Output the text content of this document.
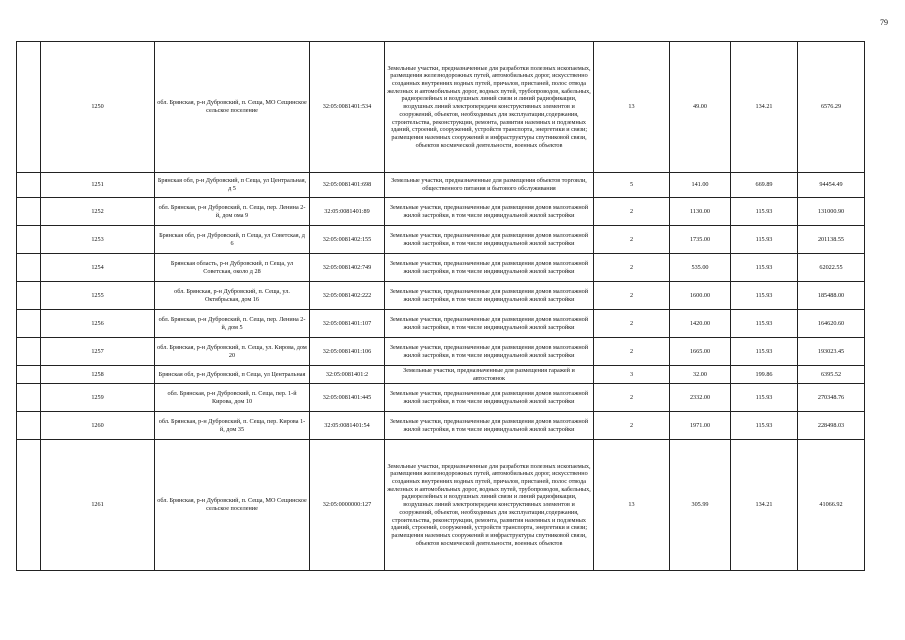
79
	1250	обл. Брянская, р-н Дубровский, п. Сеща, МО Сещинское сельское поселение	32:05:0081401:534	Земельные участки, предназначенные для разработки полезных ископаемых, размещения железнодорожных путей, автомобильных дорог, искусственно созданных внутренних водных путей, причалов, пристаней, полос отвода железных и автомобильных дорог, водных путей, трубопроводов, кабельных, радиорелейных и воздушных линий связи и линий радиофикации, воздушных линий электропередачи конструктивных элементов и сооружений, объектов, необходимых для эксплуатации,содержания, строительства, реконструкции, ремонта, развития наземных и подземных зданий, строений, сооружений, устройств транспорта, энергетики и связи; размещения наземных сооружений и инфраструктуры спутниковой связи, объектов космической деятельности, военных объектов	13	49.00	134.21	6576.29
	1251	Брянская обл, р-н Дубровский, п Сеща, ул Центральная, д 5	32:05:0081401:698	Земельные участки, предназначенные для размещения объектов торговли, общественного питания и бытового обслуживания	5	141.00	669.89	94454.49
	1252	обл. Брянская, р-н Дубровский, п. Сеща, пер. Ленина 2-й, дом ома 9	32:05:0081401:89	Земельные участки, предназначенные для размещения домов малоэтажной жилой застройки, в том числе индивидуальной жилой застройки	2	1130.00	115.93	131000.90
	1253	Брянская обл, р-н Дубровский, п Сеща, ул Советская, д 6	32:05:0081402:155	Земельные участки, предназначенные для размещения домов малоэтажной жилой застройки, в том числе индивидуальной жилой застройки	2	1735.00	115.93	201138.55
	1254	Брянская область, р-н Дубровский, п Сеща, ул Советская, около д 28	32:05:0081402:749	Земельные участки, предназначенные для размещения домов малоэтажной жилой застройки, в том числе индивидуальной жилой застройки	2	535.00	115.93	62022.55
	1255	обл. Брянская, р-н Дубровский, п. Сеща, ул. Октябрьская, дом 16	32:05:0081402:222	Земельные участки, предназначенные для размещения домов малоэтажной жилой застройки, в том числе индивидуальной жилой застройки	2	1600.00	115.93	185488.00
	1256	обл. Брянская, р-н Дубровский, п. Сеща, пер. Ленина 2-й, дом 5	32:05:0081401:107	Земельные участки, предназначенные для размещения домов малоэтажной жилой застройки, в том числе индивидуальной жилой застройки	2	1420.00	115.93	164620.60
	1257	обл. Брянская, р-н Дубровский, п. Сеща, ул. Кирова, дом 20	32:05:0081401:106	Земельные участки, предназначенные для размещения домов малоэтажной жилой застройки, в том числе индивидуальной жилой застройки	2	1665.00	115.93	193023.45
	1258	Брянская обл, р-н Дубровский, п Сеща, ул Центральная	32:05:0081401:2	Земельные участки, предназначенные для размещения гаражей и автостоянок	3	32.00	199.86	6395.52
	1259	обл. Брянская, р-н Дубровский, п. Сеща, пер. 1-й Кирова, дом 10	32:05:0081401:445	Земельные участки, предназначенные для размещения домов малоэтажной жилой застройки, в том числе индивидуальной жилой застройки	2	2332.00	115.93	270348.76
	1260	обл. Брянская, р-н Дубровский, п. Сеща, пер. Кирова 1-й, дом 35	32:05:0081401:54	Земельные участки, предназначенные для размещения домов малоэтажной жилой застройки, в том числе индивидуальной жилой застройки	2	1971.00	115.93	228498.03
	1261	обл. Брянская, р-н Дубровский, п. Сеща, МО Сещинское сельское поселение	32:05:0000000:127	Земельные участки, предназначенные для разработки полезных ископаемых, размещения железнодорожных путей, автомобильных дорог, искусственно созданных внутренних водных путей, причалов, пристаней, полос отвода железных и автомобильных дорог, водных путей, трубопроводов, кабельных, радиорелейных и воздушных линий связи и линий радиофикации, воздушных линий электропередачи конструктивных элементов и сооружений, объектов, необходимых для эксплуатации,содержания, строительства, реконструкции, ремонта, развития наземных и подземных зданий, строений, сооружений, устройств транспорта, энергетики и связи; размещения наземных сооружений и инфраструктуры спутниковой связи, объектов космической деятельности, военных объектов	13	305.99	134.21	41066.92
